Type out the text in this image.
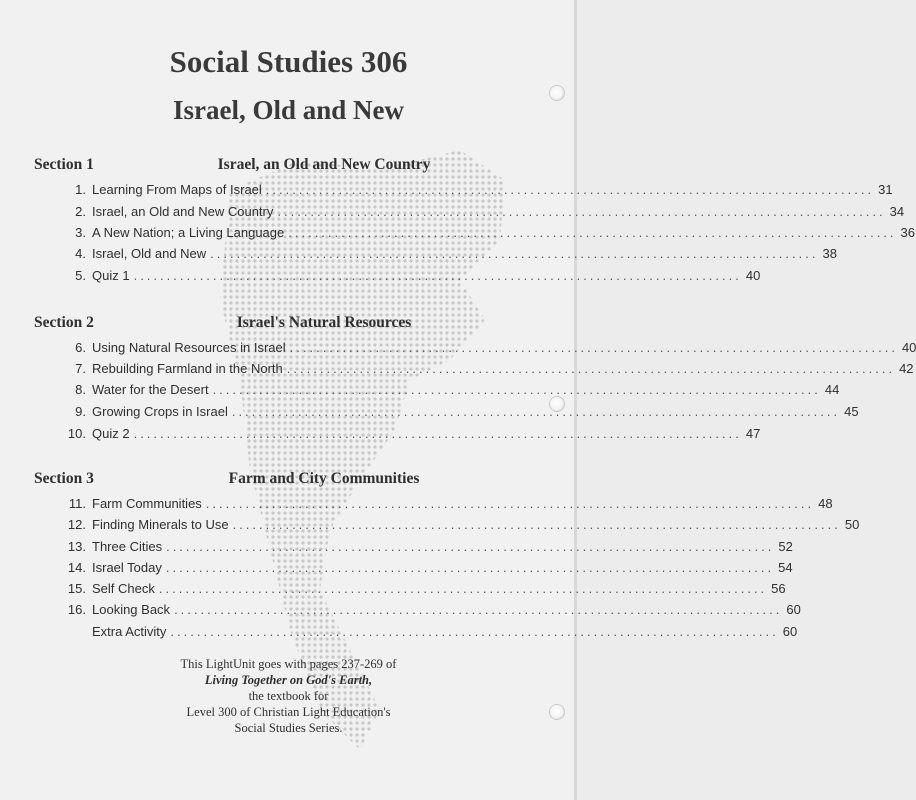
Social Studies 306
Israel, Old and New
Section 1	Israel, an Old and New Country
1. Learning From Maps of Israel ............................................................................................ 31
2. Israel, an Old and New Country ............................................................................................ 34
3. A New Nation; a Living Language ............................................................................................ 36
4. Israel, Old and New ............................................................................................ 38
5. Quiz 1 ............................................................................................ 40
Section 2	Israel's Natural Resources
6. Using Natural Resources in Israel ............................................................................................ 40
7. Rebuilding Farmland in the North ............................................................................................ 42
8. Water for the Desert ............................................................................................ 44
9. Growing Crops in Israel ............................................................................................ 45
10. Quiz 2 ............................................................................................ 47
Section 3	Farm and City Communities
11. Farm Communities ............................................................................................ 48
12. Finding Minerals to Use ............................................................................................ 50
13. Three Cities ............................................................................................ 52
14. Israel Today ............................................................................................ 54
15. Self Check ............................................................................................ 56
16. Looking Back ............................................................................................ 60
Extra Activity ............................................................................................ 60
This LightUnit goes with pages 237-269 of
Living Together on God's Earth,
the textbook for
Level 300 of Christian Light Education's
Social Studies Series.
